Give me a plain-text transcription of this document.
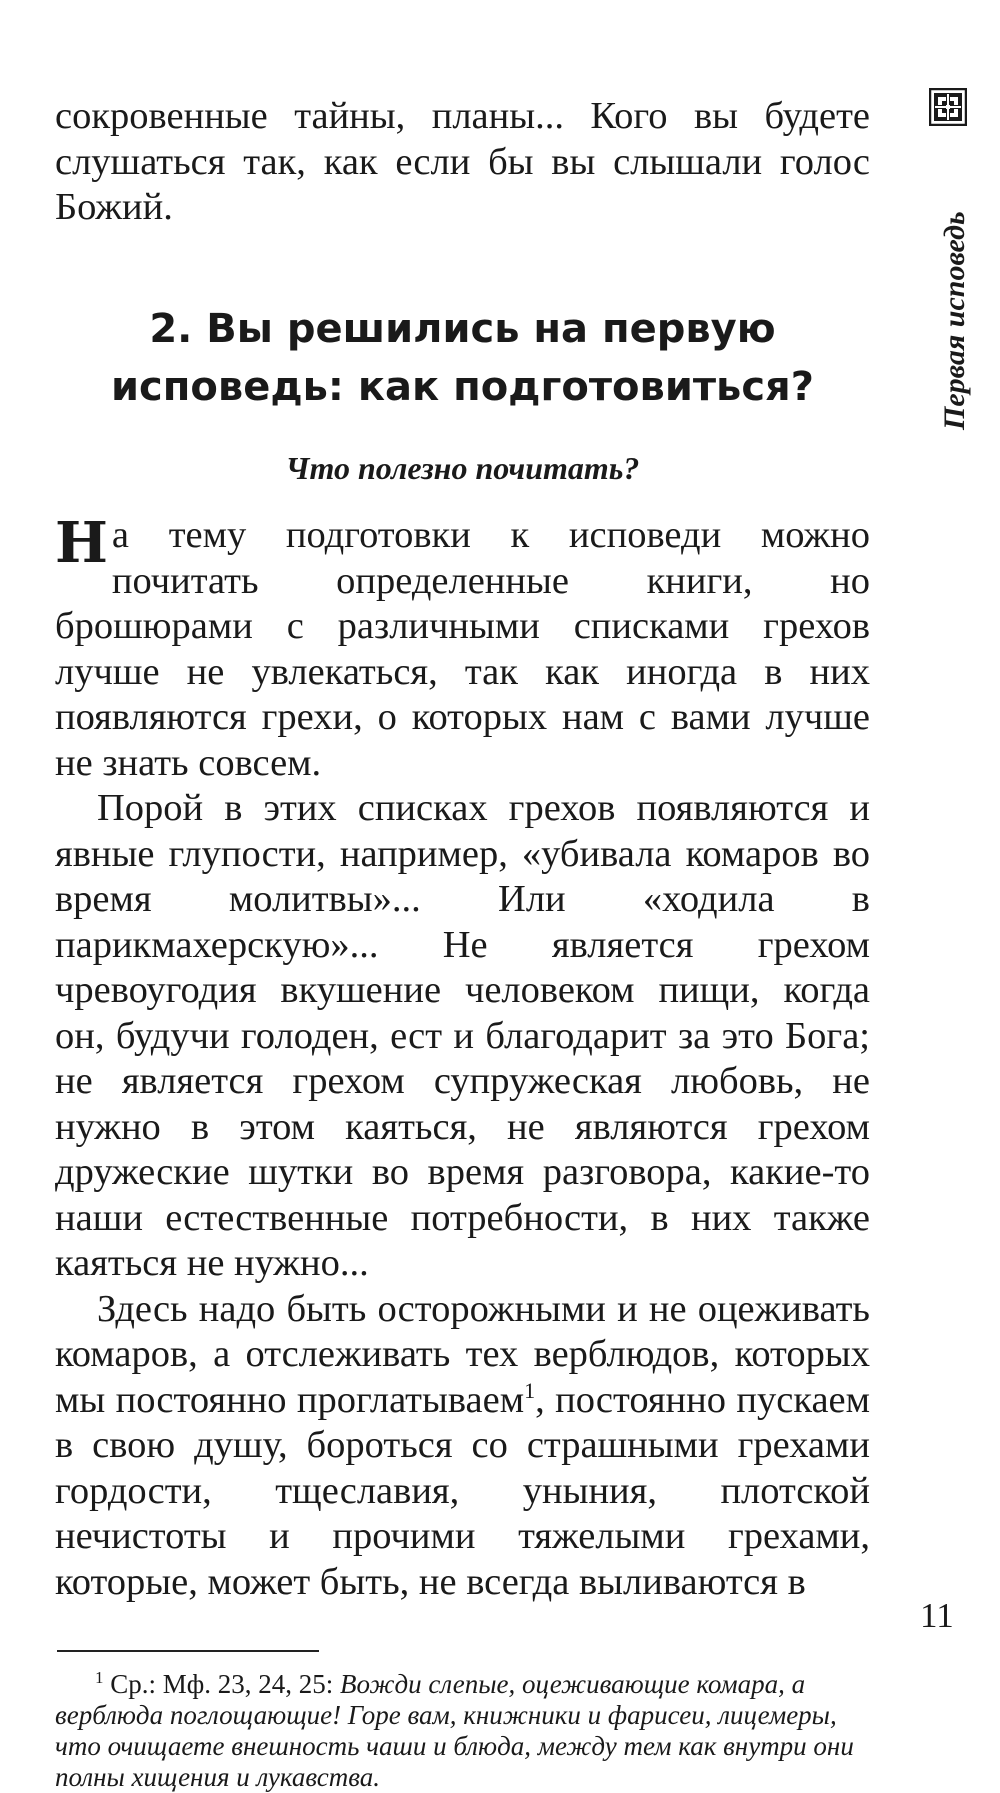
сокровенные тайны, планы... Кого вы будете слушаться так, как если бы вы слышали голос Божий.

2. Вы решились на первую исповедь: как подготовиться?
Что полезно почитать?

Н а тему подготовки к исповеди можно почитать определенные книги, но брошюрами с различными списками грехов лучше не увлекаться, так как иногда в них появляются грехи, о которых нам с вами лучше не знать совсем.

Порой в этих списках грехов появляются и явные глупости, например, «убивала комаров во время молитвы»... Или «ходила в парикмахерскую»... Не является грехом чревоугодия вкушение человеком пищи, когда он, будучи голоден, ест и благодарит за это Бога; не является грехом супружеская любовь, не нужно в этом каяться, не являются грехом дружеские шутки во время разговора, какие-то наши естественные потребности, в них также каяться не нужно...

Здесь надо быть осторожными и не оцеживать комаров, а отслеживать тех верблюдов, которых мы постоянно проглатываем$^1$, постоянно пускаем в свою душу, бороться со страшными грехами гордости, тщеславия, уныния, плотской нечистоты и прочими тяжелыми грехами, которые, может быть, не всегда выливаются в

$^1$ Ср.: Мф. 23, 24, 25: Вожди слепые, оцеживающие комара, а верблюда поглощающие! Горе вам, книжники и фарисеи, лицемеры, что очищаете внешность чаши и блюда, между тем как внутри они полны хищения и лукавства.

Первая исповедь
11
